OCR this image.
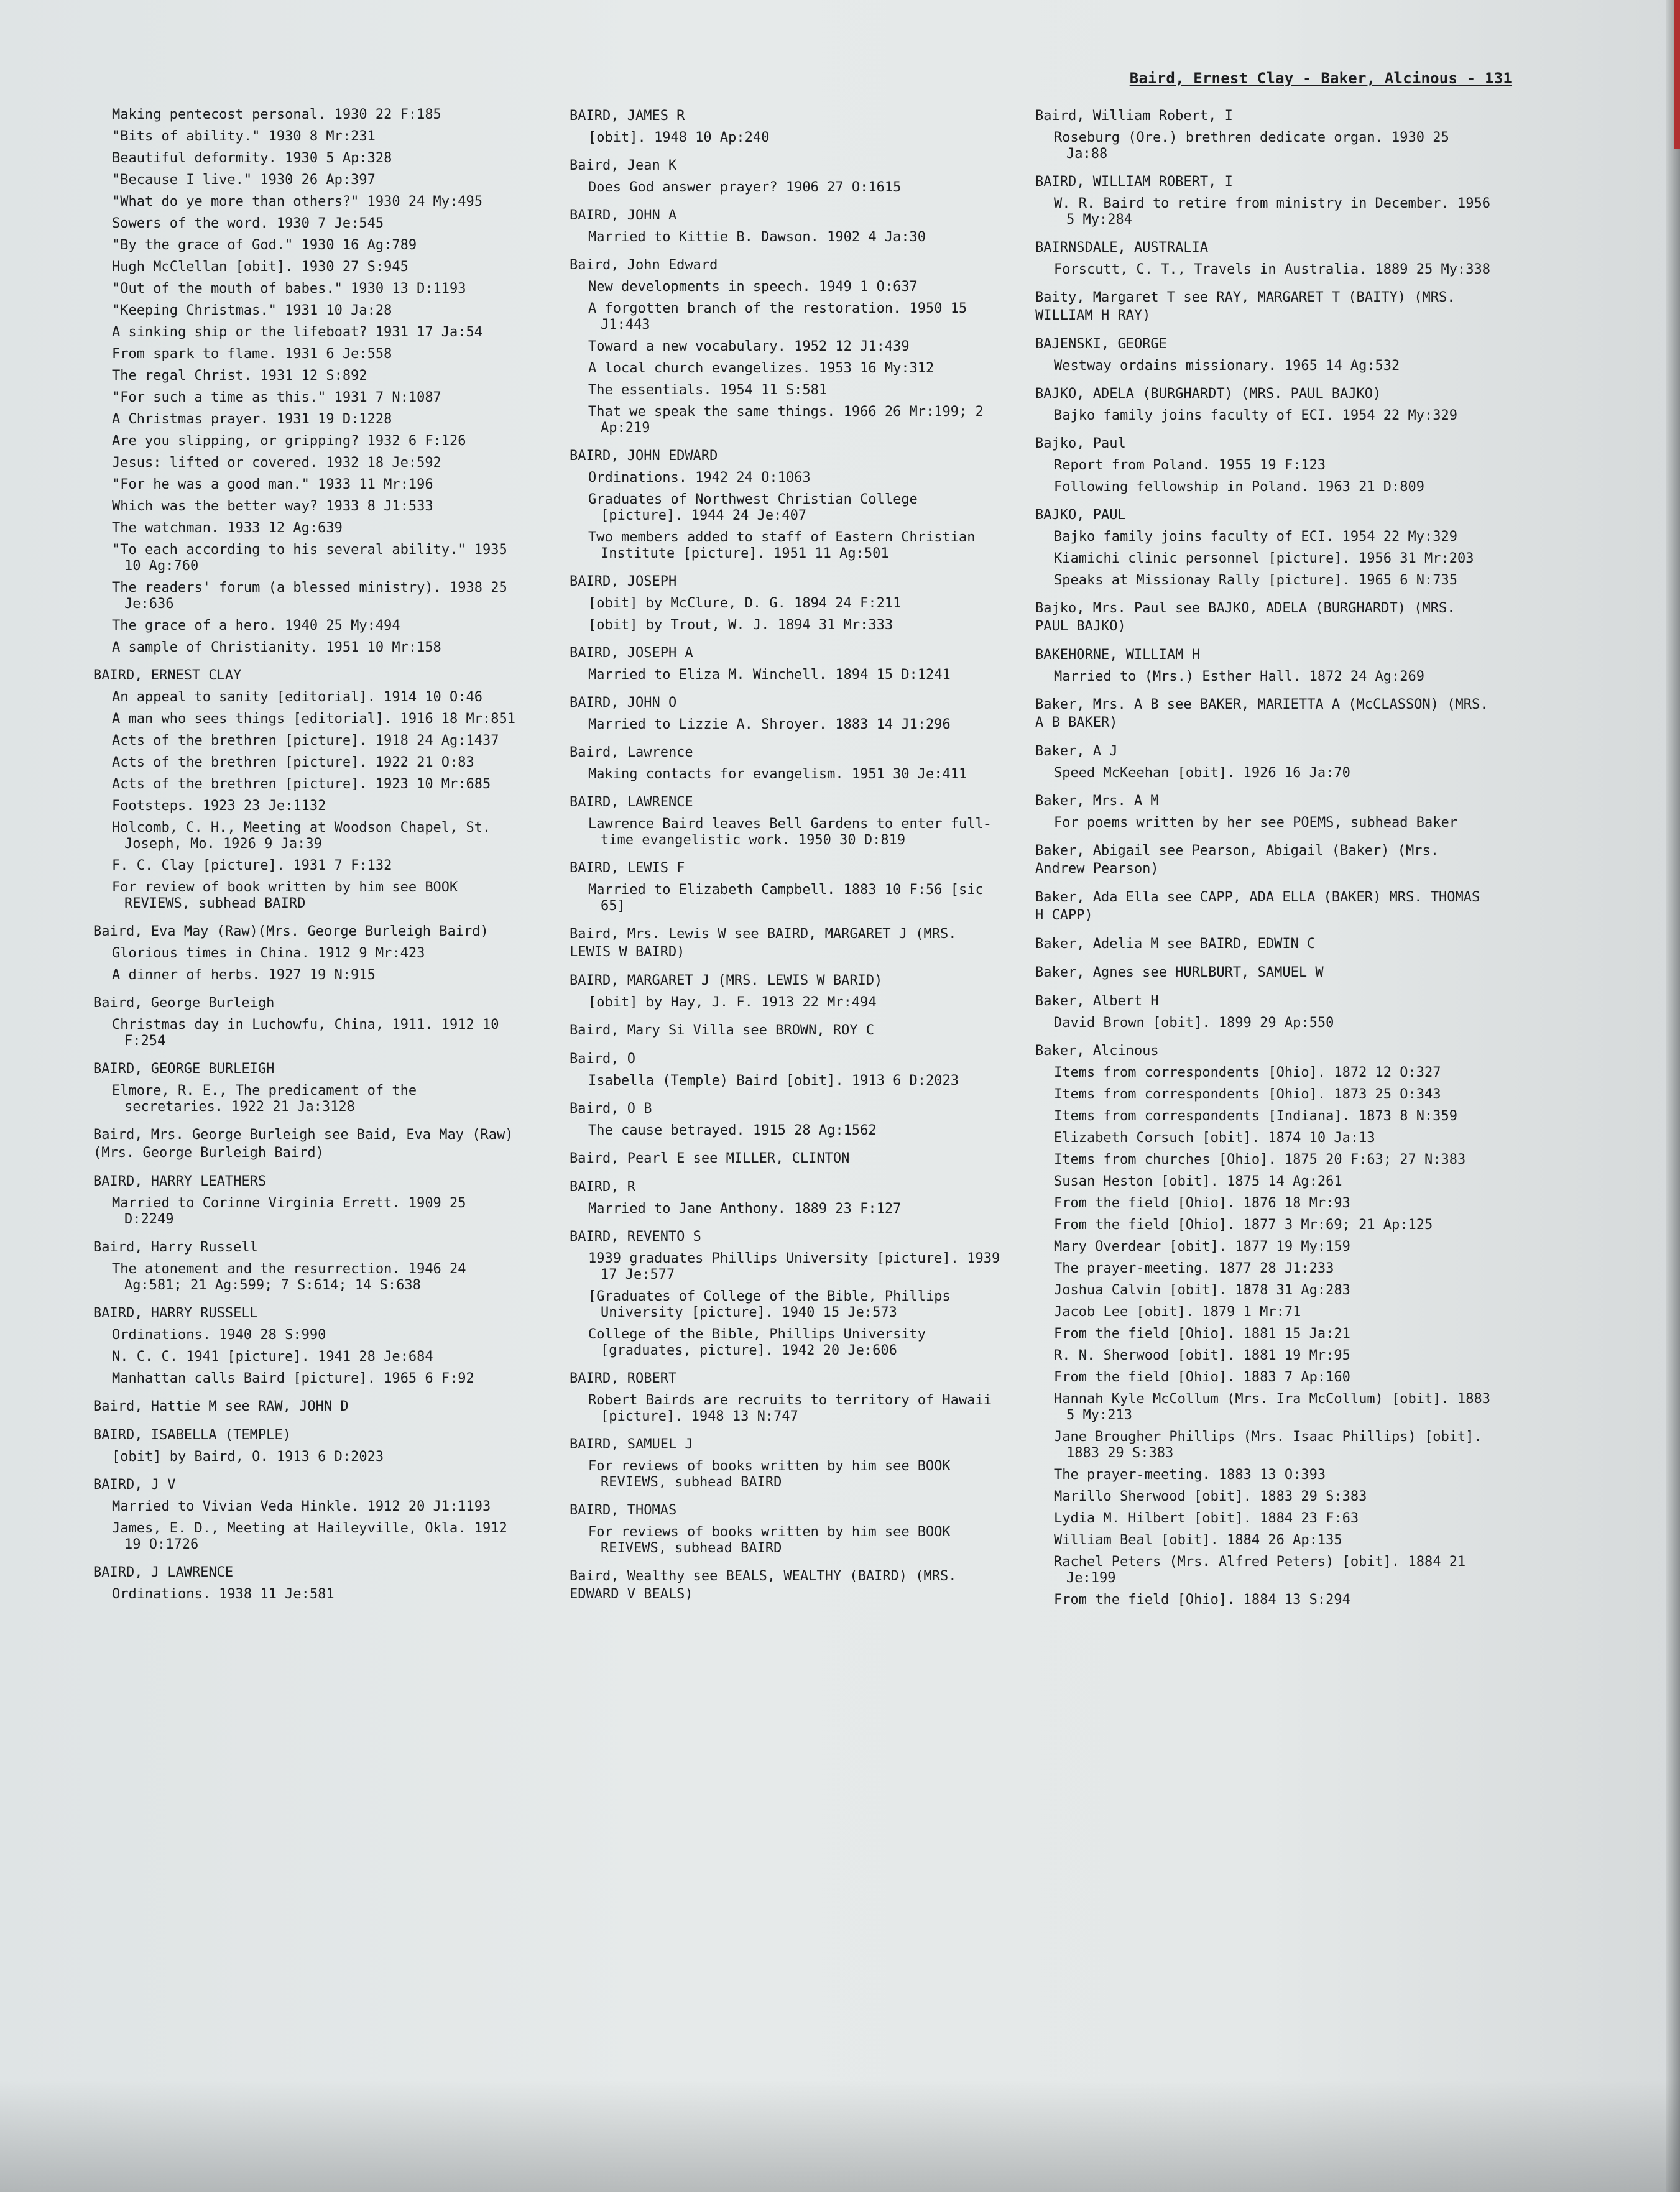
Baird, Ernest Clay - Baker, Alcinous - 131
Making pentecost personal. 1930 22 F:185
"Bits of ability." 1930 8 Mr:231
Beautiful deformity. 1930 5 Ap:328
"Because I live." 1930 26 Ap:397
"What do ye more than others?" 1930 24 My:495
Sowers of the word. 1930 7 Je:545
"By the grace of God." 1930 16 Ag:789
Hugh McClellan [obit]. 1930 27 S:945
"Out of the mouth of babes." 1930 13 D:1193
"Keeping Christmas." 1931 10 Ja:28
A sinking ship or the lifeboat? 1931 17 Ja:54
From spark to flame. 1931 6 Je:558
The regal Christ. 1931 12 S:892
"For such a time as this." 1931 7 N:1087
A Christmas prayer. 1931 19 D:1228
Are you slipping, or gripping? 1932 6 F:126
Jesus: lifted or covered. 1932 18 Je:592
"For he was a good man." 1933 11 Mr:196
Which was the better way? 1933 8 J1:533
The watchman. 1933 12 Ag:639
"To each according to his several ability." 1935 10 Ag:760
The readers' forum (a blessed ministry). 1938 25 Je:636
The grace of a hero. 1940 25 My:494
A sample of Christianity. 1951 10 Mr:158
BAIRD, ERNEST CLAY
An appeal to sanity [editorial]. 1914 10 O:46
A man who sees things [editorial]. 1916 18 Mr:851
Acts of the brethren [picture]. 1918 24 Ag:1437
Acts of the brethren [picture]. 1922 21 O:83
Acts of the brethren [picture]. 1923 10 Mr:685
Footsteps. 1923 23 Je:1132
Holcomb, C. H., Meeting at Woodson Chapel, St. Joseph, Mo. 1926 9 Ja:39
F. C. Clay [picture]. 1931 7 F:132
For review of book written by him see BOOK REVIEWS, subhead BAIRD
Baird, Eva May (Raw)(Mrs. George Burleigh Baird)
Glorious times in China. 1912 9 Mr:423
A dinner of herbs. 1927 19 N:915
Baird, George Burleigh
Christmas day in Luchowfu, China, 1911. 1912 10 F:254
BAIRD, GEORGE BURLEIGH
Elmore, R. E., The predicament of the secretaries. 1922 21 Ja:3128
Baird, Mrs. George Burleigh see Baid, Eva May (Raw)(Mrs. George Burleigh Baird)
BAIRD, HARRY LEATHERS
Married to Corinne Virginia Errett. 1909 25 D:2249
Baird, Harry Russell
The atonement and the resurrection. 1946 24 Ag:581; 21 Ag:599; 7 S:614; 14 S:638
BAIRD, HARRY RUSSELL
Ordinations. 1940 28 S:990
N. C. C. 1941 [picture]. 1941 28 Je:684
Manhattan calls Baird [picture]. 1965 6 F:92
Baird, Hattie M see RAW, JOHN D
BAIRD, ISABELLA (TEMPLE)
[obit] by Baird, O. 1913 6 D:2023
BAIRD, J V
Married to Vivian Veda Hinkle. 1912 20 J1:1193
James, E. D., Meeting at Haileyville, Okla. 1912 19 O:1726
BAIRD, J LAWRENCE
Ordinations. 1938 11 Je:581
BAIRD, JAMES R
[obit]. 1948 10 Ap:240
Baird, Jean K
Does God answer prayer? 1906 27 O:1615
BAIRD, JOHN A
Married to Kittie B. Dawson. 1902 4 Ja:30
Baird, John Edward
New developments in speech. 1949 1 O:637
A forgotten branch of the restoration. 1950 15 J1:443
Toward a new vocabulary. 1952 12 J1:439
A local church evangelizes. 1953 16 My:312
The essentials. 1954 11 S:581
That we speak the same things. 1966 26 Mr:199; 2 Ap:219
BAIRD, JOHN EDWARD
Ordinations. 1942 24 O:1063
Graduates of Northwest Christian College [picture]. 1944 24 Je:407
Two members added to staff of Eastern Christian Institute [picture]. 1951 11 Ag:501
BAIRD, JOSEPH
[obit] by McClure, D. G. 1894 24 F:211
[obit] by Trout, W. J. 1894 31 Mr:333
BAIRD, JOSEPH A
Married to Eliza M. Winchell. 1894 15 D:1241
BAIRD, JOHN O
Married to Lizzie A. Shroyer. 1883 14 J1:296
Baird, Lawrence
Making contacts for evangelism. 1951 30 Je:411
BAIRD, LAWRENCE
Lawrence Baird leaves Bell Gardens to enter full-time evangelistic work. 1950 30 D:819
BAIRD, LEWIS F
Married to Elizabeth Campbell. 1883 10 F:56 [sic 65]
Baird, Mrs. Lewis W see BAIRD, MARGARET J (MRS. LEWIS W BAIRD)
BAIRD, MARGARET J (MRS. LEWIS W BARID)
[obit] by Hay, J. F. 1913 22 Mr:494
Baird, Mary Si Villa see BROWN, ROY C
Baird, O
Isabella (Temple) Baird [obit]. 1913 6 D:2023
Baird, O B
The cause betrayed. 1915 28 Ag:1562
Baird, Pearl E see MILLER, CLINTON
BAIRD, R
Married to Jane Anthony. 1889 23 F:127
BAIRD, REVENTO S
1939 graduates Phillips University [picture]. 1939 17 Je:577
[Graduates of College of the Bible, Phillips University [picture]. 1940 15 Je:573
College of the Bible, Phillips University [graduates, picture]. 1942 20 Je:606
BAIRD, ROBERT
Robert Bairds are recruits to territory of Hawaii [picture]. 1948 13 N:747
BAIRD, SAMUEL J
For reviews of books written by him see BOOK REVIEWS, subhead BAIRD
BAIRD, THOMAS
For reviews of books written by him see BOOK REIVEWS, subhead BAIRD
Baird, Wealthy see BEALS, WEALTHY (BAIRD) (MRS. EDWARD V BEALS)
Baird, William Robert, I
Roseburg (Ore.) brethren dedicate organ. 1930 25 Ja:88
BAIRD, WILLIAM ROBERT, I
W. R. Baird to retire from ministry in December. 1956 5 My:284
BAIRNSDALE, AUSTRALIA
Forscutt, C. T., Travels in Australia. 1889 25 My:338
Baity, Margaret T see RAY, MARGARET T (BAITY) (MRS. WILLIAM H RAY)
BAJENSKI, GEORGE
Westway ordains missionary. 1965 14 Ag:532
BAJKO, ADELA (BURGHARDT) (MRS. PAUL BAJKO)
Bajko family joins faculty of ECI. 1954 22 My:329
Bajko, Paul
Report from Poland. 1955 19 F:123
Following fellowship in Poland. 1963 21 D:809
BAJKO, PAUL
Bajko family joins faculty of ECI. 1954 22 My:329
Kiamichi clinic personnel [picture]. 1956 31 Mr:203
Speaks at Missionay Rally [picture]. 1965 6 N:735
Bajko, Mrs. Paul see BAJKO, ADELA (BURGHARDT) (MRS. PAUL BAJKO)
BAKEHORNE, WILLIAM H
Married to (Mrs.) Esther Hall. 1872 24 Ag:269
Baker, Mrs. A B see BAKER, MARIETTA A (McCLASSON) (MRS. A B BAKER)
Baker, A J
Speed McKeehan [obit]. 1926 16 Ja:70
Baker, Mrs. A M
For poems written by her see POEMS, subhead Baker
Baker, Abigail see Pearson, Abigail (Baker) (Mrs. Andrew Pearson)
Baker, Ada Ella see CAPP, ADA ELLA (BAKER) MRS. THOMAS H CAPP)
Baker, Adelia M see BAIRD, EDWIN C
Baker, Agnes see HURLBURT, SAMUEL W
Baker, Albert H
David Brown [obit]. 1899 29 Ap:550
Baker, Alcinous
Items from correspondents [Ohio]. 1872 12 O:327
Items from correspondents [Ohio]. 1873 25 O:343
Items from correspondents [Indiana]. 1873 8 N:359
Elizabeth Corsuch [obit]. 1874 10 Ja:13
Items from churches [Ohio]. 1875 20 F:63; 27 N:383
Susan Heston [obit]. 1875 14 Ag:261
From the field [Ohio]. 1876 18 Mr:93
From the field [Ohio]. 1877 3 Mr:69; 21 Ap:125
Mary Overdear [obit]. 1877 19 My:159
The prayer-meeting. 1877 28 J1:233
Joshua Calvin [obit]. 1878 31 Ag:283
Jacob Lee [obit]. 1879 1 Mr:71
From the field [Ohio]. 1881 15 Ja:21
R. N. Sherwood [obit]. 1881 19 Mr:95
From the field [Ohio]. 1883 7 Ap:160
Hannah Kyle McCollum (Mrs. Ira McCollum) [obit]. 1883 5 My:213
Jane Brougher Phillips (Mrs. Isaac Phillips) [obit]. 1883 29 S:383
The prayer-meeting. 1883 13 O:393
Marillo Sherwood [obit]. 1883 29 S:383
Lydia M. Hilbert [obit]. 1884 23 F:63
William Beal [obit]. 1884 26 Ap:135
Rachel Peters (Mrs. Alfred Peters) [obit]. 1884 21 Je:199
From the field [Ohio]. 1884 13 S:294
